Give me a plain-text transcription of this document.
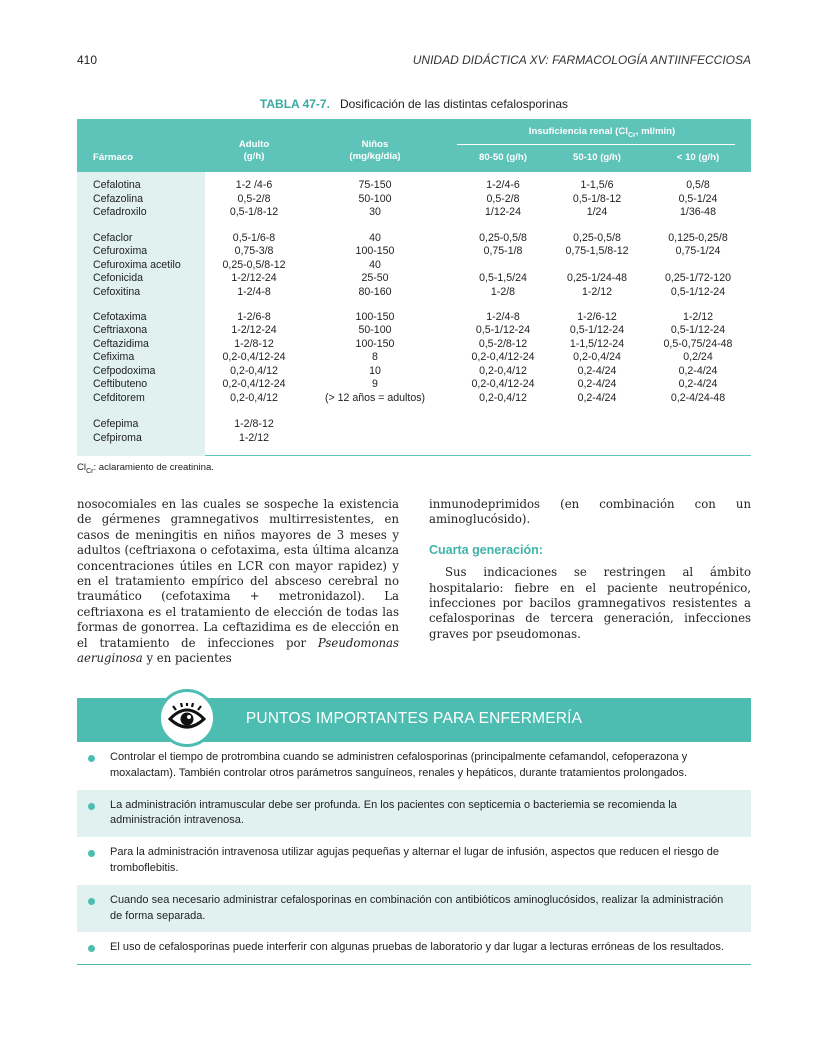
410	UNIDAD DIDÁCTICA XV: FARMACOLOGÍA ANTIINFECCIOSA
TABLA 47-7. Dosificación de las distintas cefalosporinas
Fármaco
Adulto
(g/h)
Niños
(mg/kg/día)
Insuficiencia renal ($Cl_{Cr}$, ml/min)
80-50 (g/h)	50-10 (g/h)	< 10 (g/h)
Cefalotina	1-2 /4-6	75-150	1-2/4-6	1-1,5/6	0,5/8
Cefazolina	0,5-2/8	50-100	0,5-2/8	0,5-1/8-12	0,5-1/24
Cefadroxilo	0,5-1/8-12	30	1/12-24	1/24	1/36-48
Cefaclor	0,5-1/6-8	40	0,25-0,5/8	0,25-0,5/8	0,125-0,25/8
Cefuroxima	0,75-3/8	100-150	0,75-1/8	0,75-1,5/8-12	0,75-1/24
Cefuroxima acetilo	0,25-0,5/8-12	40
Cefonicida	1-2/12-24	25-50	0,5-1,5/24	0,25-1/24-48	0,25-1/72-120
Cefoxitina	1-2/4-8	80-160	1-2/8	1-2/12	0,5-1/12-24
Cefotaxima	1-2/6-8	100-150	1-2/4-8	1-2/6-12	1-2/12
Ceftriaxona	1-2/12-24	50-100	0,5-1/12-24	0,5-1/12-24	0,5-1/12-24
Ceftazidima	1-2/8-12	100-150	0,5-2/8-12	1-1,5/12-24	0,5-0,75/24-48
Cefixima	0,2-0,4/12-24	8	0,2-0,4/12-24	0,2-0,4/24	0,2/24
Cefpodoxima	0,2-0,4/12	10	0,2-0,4/12	0,2-4/24	0,2-4/24
Ceftibuteno	0,2-0,4/12-24	9	0,2-0,4/12-24	0,2-4/24	0,2-4/24
Cefditorem	0,2-0,4/12	(> 12 años = adultos)	0,2-0,4/12	0,2-4/24	0,2-4/24-48
Cefepima	1-2/8-12
Cefpiroma	1-2/12
$Cl_{Cr}$: aclaramiento de creatinina.

nosocomiales en las cuales se sospeche la existencia de gérmenes gramnegativos multirresistentes, en casos de meningitis en niños mayores de 3 meses y adultos (ceftriaxona o cefotaxima, esta última alcanza concentraciones útiles en LCR con mayor rapidez) y en el tratamiento empírico del absceso cerebral no traumático (cefotaxima + metronidazol). La ceftriaxona es el tratamiento de elección de todas las formas de gonorrea. La ceftazidima es de elección en el tratamiento de infecciones por Pseudomonas aeruginosa y en pacientes

inmunodeprimidos (en combinación con un aminoglucósido).

Cuarta generación:

Sus indicaciones se restringen al ámbito hospitalario: fiebre en el paciente neutropénico, infecciones por bacilos gramnegativos resistentes a cefalosporinas de tercera generación, infecciones graves por pseudomonas.

PUNTOS IMPORTANTES PARA ENFERMERÍA
Controlar el tiempo de protrombina cuando se administren cefalosporinas (principalmente cefamandol, cefoperazona y moxalactam). También controlar otros parámetros sanguíneos, renales y hepáticos, durante tratamientos prolongados.
La administración intramuscular debe ser profunda. En los pacientes con septicemia o bacteriemia se recomienda la administración intravenosa.
Para la administración intravenosa utilizar agujas pequeñas y alternar el lugar de infusión, aspectos que reducen el riesgo de tromboflebitis.
Cuando sea necesario administrar cefalosporinas en combinación con antibióticos aminoglucósidos, realizar la administración de forma separada.
El uso de cefalosporinas puede interferir con algunas pruebas de laboratorio y dar lugar a lecturas erróneas de los resultados.
